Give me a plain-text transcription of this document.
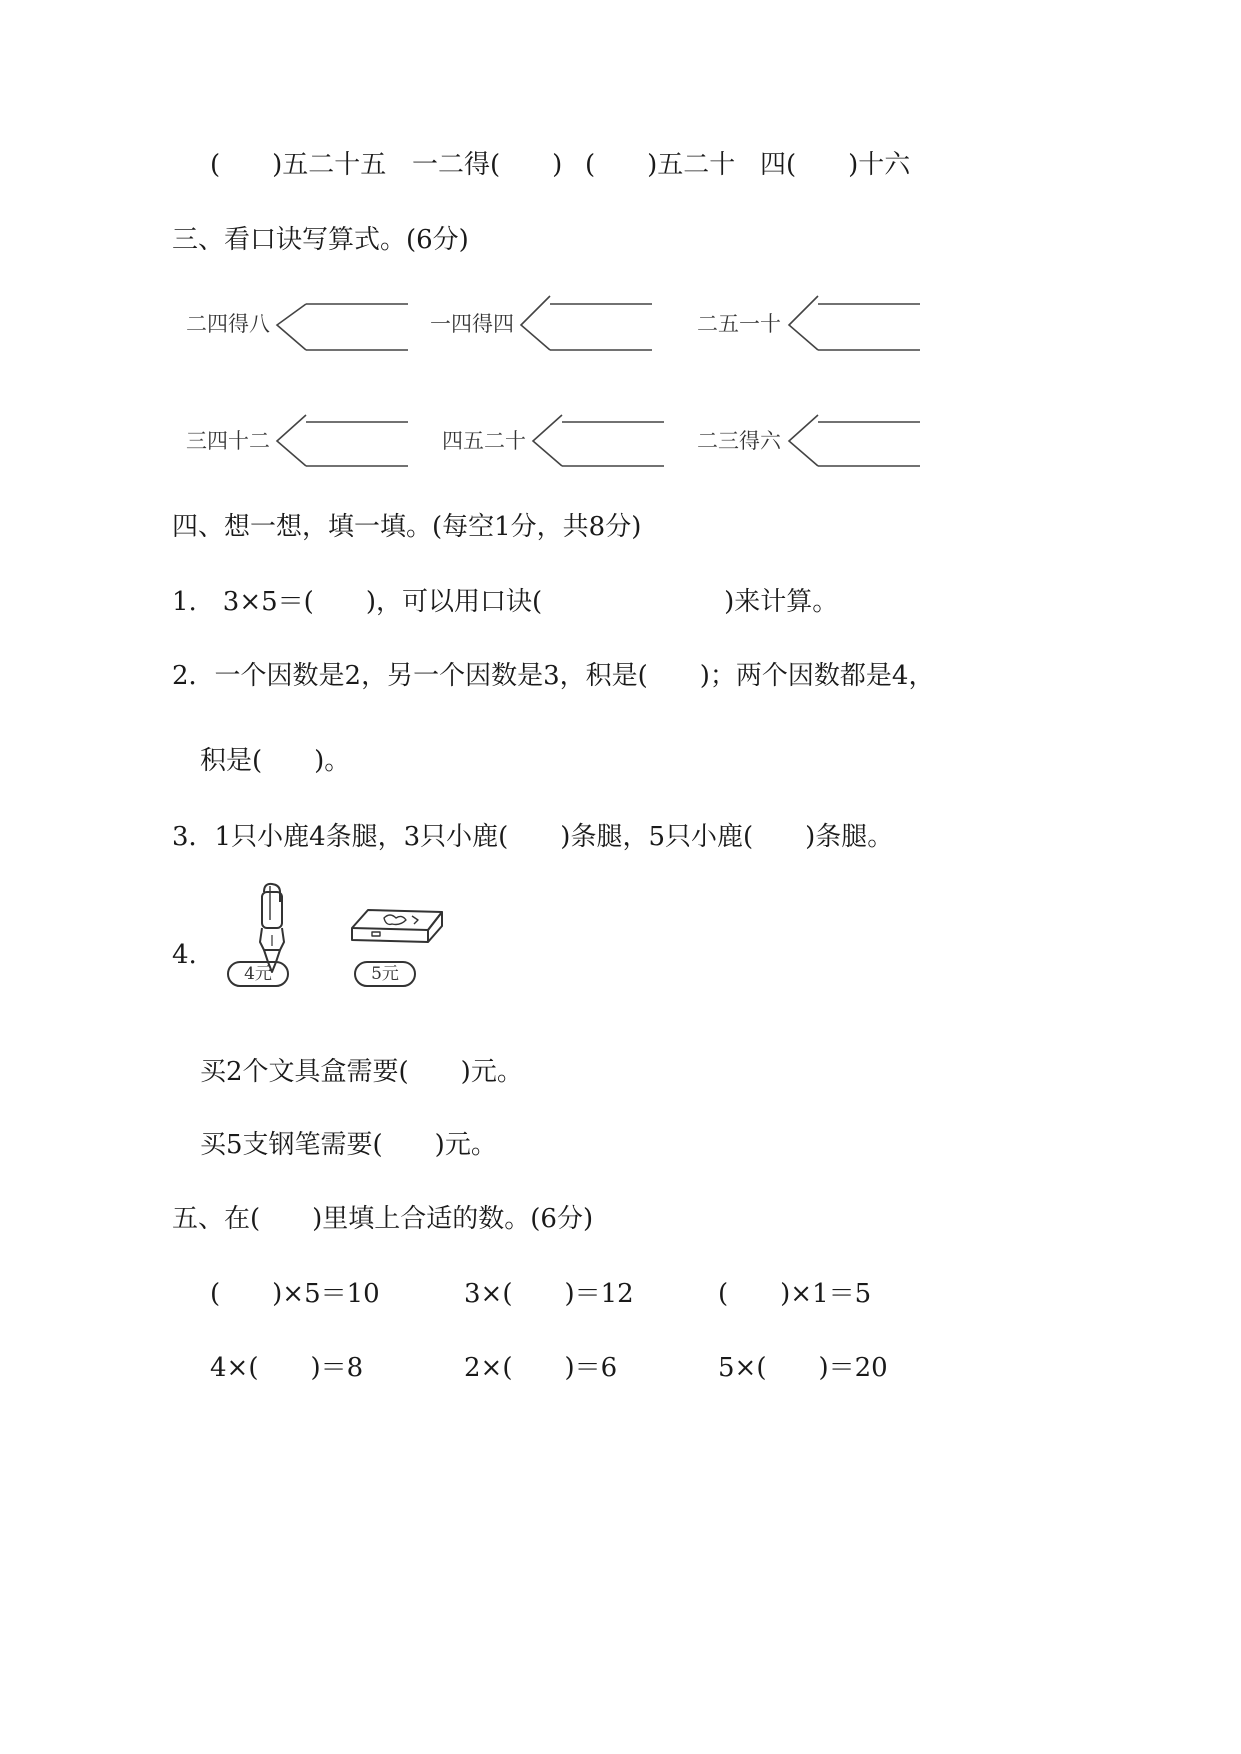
(　　)五二十五 一二得(　　) (　　)五二十 四(　　)十六
三、看口诀写算式。(6分)
二四得八	一四得四	二五一十
三四十二	四五二十	二三得六
四、想一想，填一填。(每空1分，共8分)
1.　3×5＝(　　)，可以用口诀(　　　　　　　)来计算。
2．一个因数是2，另一个因数是3，积是(　　)；两个因数都是4，
积是(　　)。
3．1只小鹿4条腿，3只小鹿(　　)条腿，5只小鹿(　　)条腿。
4.
4元	5元
买2个文具盒需要(　　)元。
买5支钢笔需要(　　)元。
五、在(　　)里填上合适的数。(6分)
(　　)×5＝10	3×(　　)＝12	(　　)×1＝5
4×(　　)＝8	2×(　　)＝6	5×(　　)＝20
